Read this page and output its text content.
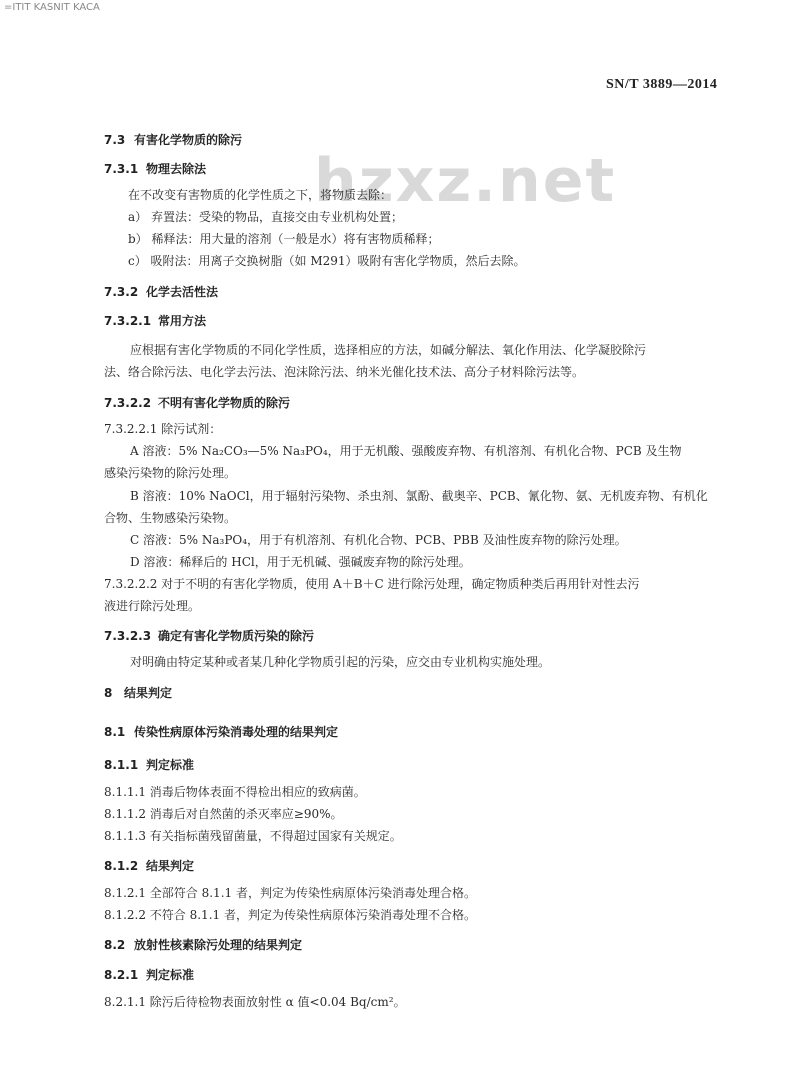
=ITIT KASNIT KACA
hzxz.net
SN/T 3889—2014
7.3 有害化学物质的除污
7.3.1 物理去除法
在不改变有害物质的化学性质之下，将物质去除：
a） 弃置法：受染的物品，直接交由专业机构处置；
b） 稀释法：用大量的溶剂（一般是水）将有害物质稀释；
c） 吸附法：用离子交换树脂（如 M291）吸附有害化学物质，然后去除。
7.3.2 化学去活性法
7.3.2.1 常用方法
应根据有害化学物质的不同化学性质，选择相应的方法，如碱分解法、氧化作用法、化学凝胶除污
法、络合除污法、电化学去污法、泡沫除污法、纳米光催化技术法、高分子材料除污法等。
7.3.2.2 不明有害化学物质的除污
7.3.2.2.1 除污试剂：
A 溶液：5% Na₂CO₃—5% Na₃PO₄，用于无机酸、强酸废弃物、有机溶剂、有机化合物、PCB 及生物
感染污染物的除污处理。
B 溶液：10% NaOCl，用于辐射污染物、杀虫剂、氯酚、截奥辛、PCB、氰化物、氨、无机废弃物、有机化
合物、生物感染污染物。
C 溶液：5% Na₃PO₄，用于有机溶剂、有机化合物、PCB、PBB 及油性废弃物的除污处理。
D 溶液：稀释后的 HCl，用于无机碱、强碱废弃物的除污处理。
7.3.2.2.2 对于不明的有害化学物质，使用 A＋B＋C 进行除污处理，确定物质种类后再用针对性去污
液进行除污处理。
7.3.2.3 确定有害化学物质污染的除污
对明确由特定某种或者某几种化学物质引起的污染，应交由专业机构实施处理。
8 结果判定
8.1 传染性病原体污染消毒处理的结果判定
8.1.1 判定标准
8.1.1.1 消毒后物体表面不得检出相应的致病菌。
8.1.1.2 消毒后对自然菌的杀灭率应≥90%。
8.1.1.3 有关指标菌残留菌量，不得超过国家有关规定。
8.1.2 结果判定
8.1.2.1 全部符合 8.1.1 者，判定为传染性病原体污染消毒处理合格。
8.1.2.2 不符合 8.1.1 者，判定为传染性病原体污染消毒处理不合格。
8.2 放射性核素除污处理的结果判定
8.2.1 判定标准
8.2.1.1 除污后待检物表面放射性 α 值<0.04 Bq/cm²。
